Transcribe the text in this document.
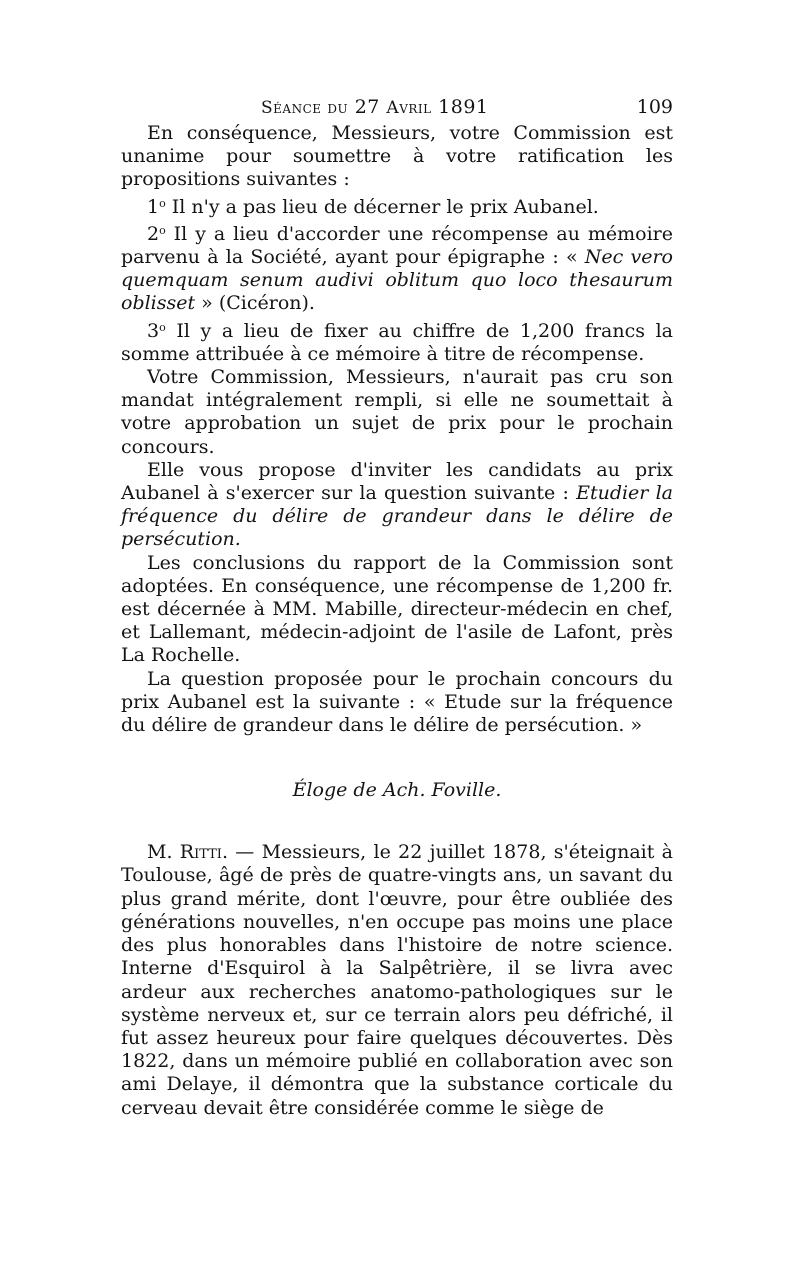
Séance du 27 Avril 1891	109

En conséquence, Messieurs, votre Commission est unanime pour soumettre à votre ratification les propositions suivantes :

1$^o$ Il n'y a pas lieu de décerner le prix Aubanel.

2$^o$ Il y a lieu d'accorder une récompense au mémoire parvenu à la Société, ayant pour épigraphe : « Nec vero quemquam senum audivi oblitum quo loco thesaurum oblisset » (Cicéron).

3$^o$ Il y a lieu de fixer au chiffre de 1,200 francs la somme attribuée à ce mémoire à titre de récompense.

Votre Commission, Messieurs, n'aurait pas cru son mandat intégralement rempli, si elle ne soumettait à votre approbation un sujet de prix pour le prochain concours.

Elle vous propose d'inviter les candidats au prix Aubanel à s'exercer sur la question suivante : Etudier la fréquence du délire de grandeur dans le délire de persécution.

Les conclusions du rapport de la Commission sont adoptées. En conséquence, une récompense de 1,200 fr. est décernée à MM. Mabille, directeur-médecin en chef, et Lallemant, médecin-adjoint de l'asile de Lafont, près La Rochelle.

La question proposée pour le prochain concours du prix Aubanel est la suivante : « Etude sur la fréquence du délire de grandeur dans le délire de persécution. »

Éloge de Ach. Foville.

M. Ritti. — Messieurs, le 22 juillet 1878, s'éteignait à Toulouse, âgé de près de quatre-vingts ans, un savant du plus grand mérite, dont l'œuvre, pour être oubliée des générations nouvelles, n'en occupe pas moins une place des plus honorables dans l'histoire de notre science. Interne d'Esquirol à la Salpêtrière, il se livra avec ardeur aux recherches anatomo-pathologiques sur le système nerveux et, sur ce terrain alors peu défriché, il fut assez heureux pour faire quelques découvertes. Dès 1822, dans un mémoire publié en collaboration avec son ami Delaye, il démontra que la substance corticale du cerveau devait être considérée comme le siège de
